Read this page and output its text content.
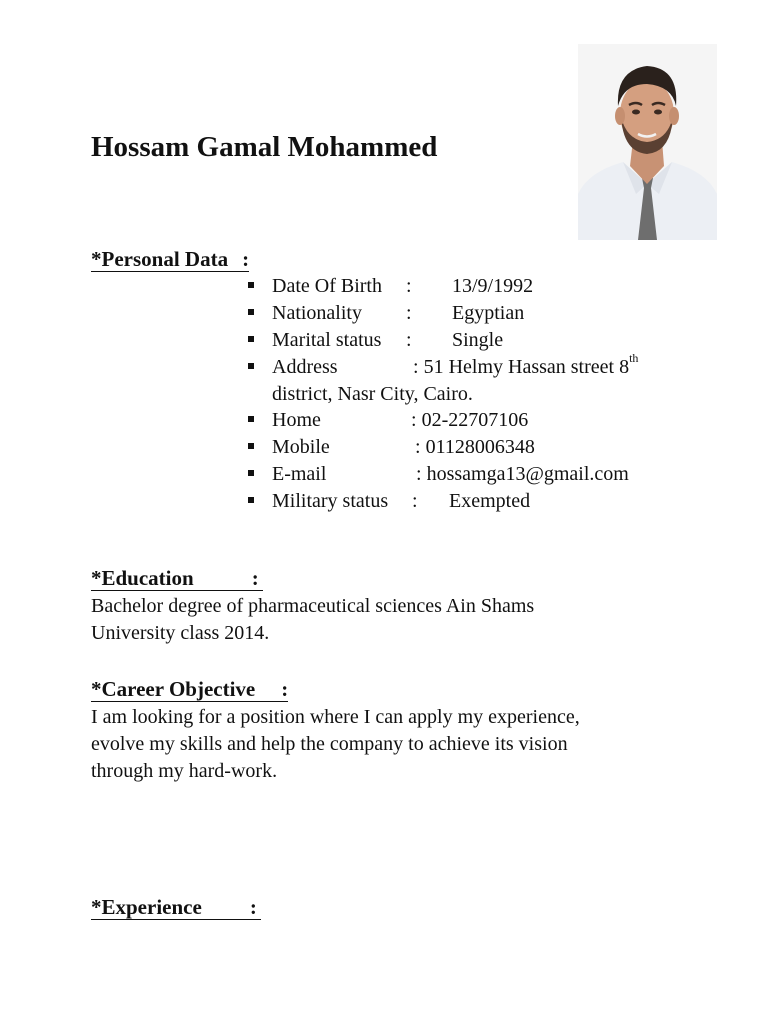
Hossam Gamal Mohammed
*Personal Data :
Date Of Birth : 13/9/1992
Nationality : Egyptian
Marital status : Single
Address	: 51 Helmy Hassan street 8th
district, Nasr City, Cairo.
Home	: 02-22707106
Mobile	: 01128006348
E-mail	: hossamga13@gmail.com
Military status : Exempted
*Education	:
Bachelor degree of pharmaceutical sciences Ain Shams
University class 2014.
*Career Objective :
I am looking for a position where I can apply my experience,
evolve my skills and help the company to achieve its vision
through my hard-work.
*Experience :
